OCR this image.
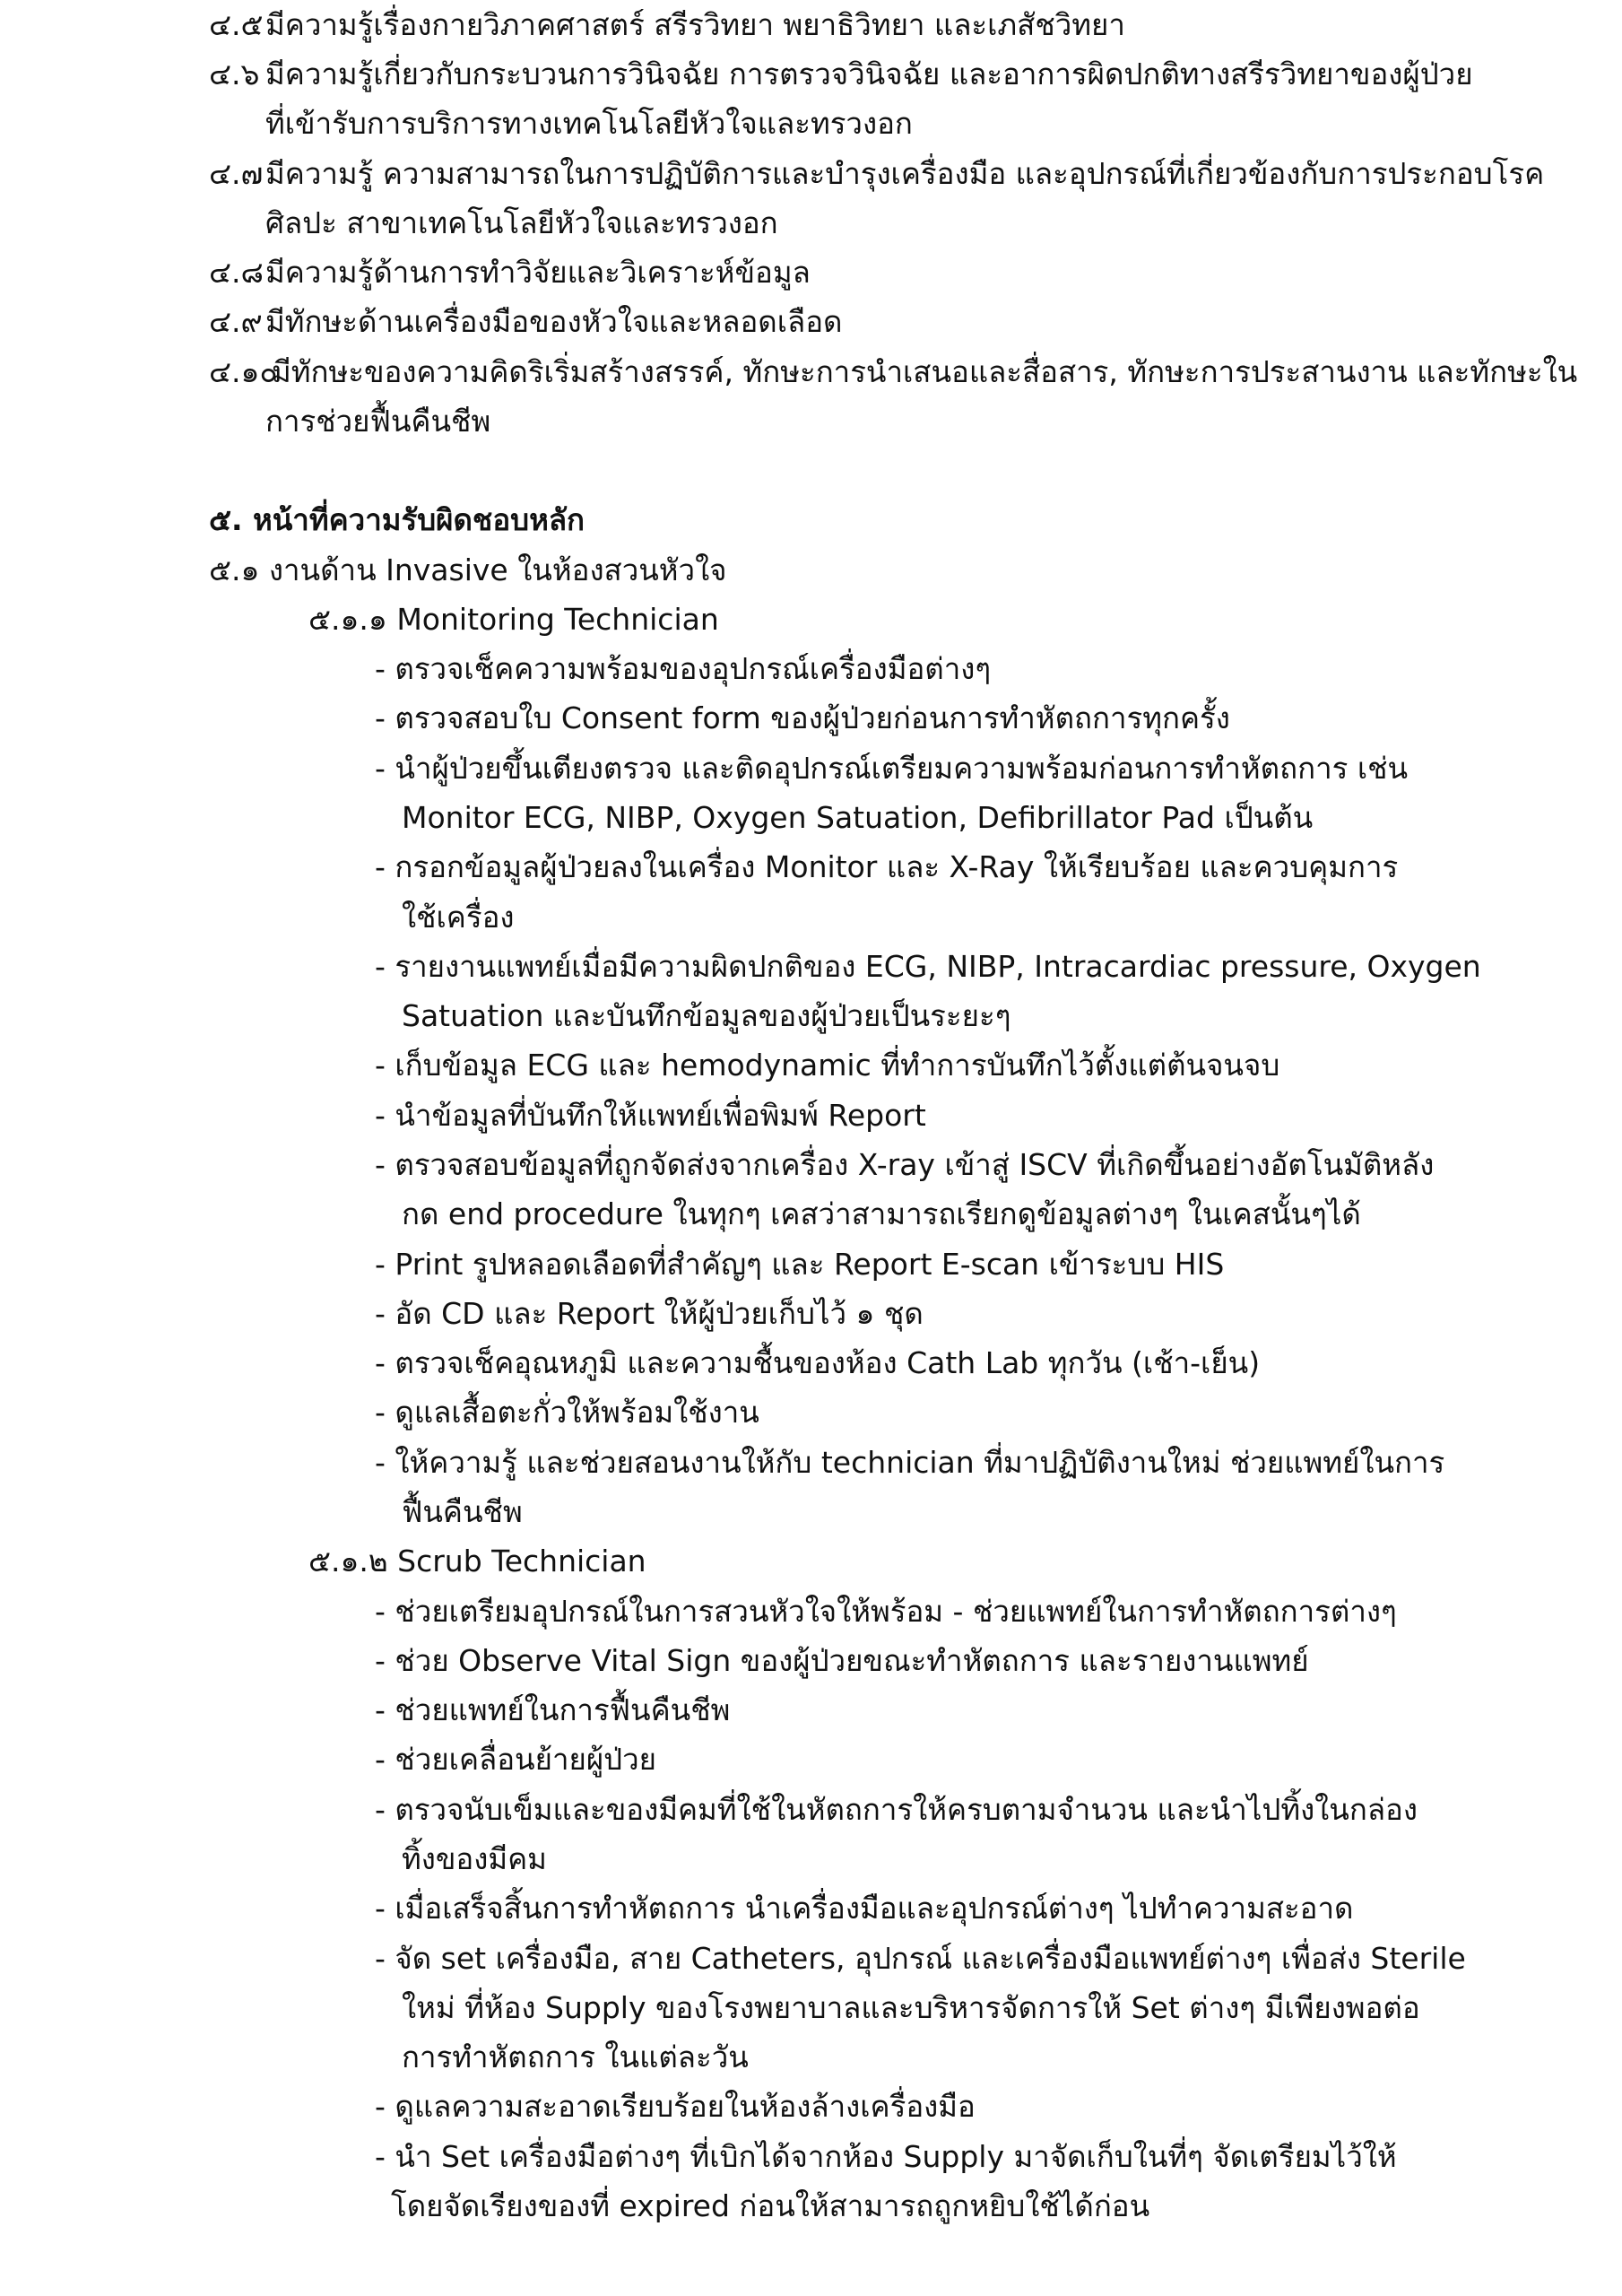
๔.๕ มีความรู้เรื่องกายวิภาคศาสตร์ สรีรวิทยา พยาธิวิทยา และเภสัชวิทยา
๔.๖ มีความรู้เกี่ยวกับกระบวนการวินิจฉัย การตรวจวินิจฉัย และอาการผิดปกติทางสรีรวิทยาของผู้ป่วย
ที่เข้ารับการบริการทางเทคโนโลยีหัวใจและทรวงอก
๔.๗ มีความรู้ ความสามารถในการปฏิบัติการและบำรุงเครื่องมือ และอุปกรณ์ที่เกี่ยวข้องกับการประกอบโรค
ศิลปะ สาขาเทคโนโลยีหัวใจและทรวงอก
๔.๘ มีความรู้ด้านการทำวิจัยและวิเคราะห์ข้อมูล
๔.๙ มีทักษะด้านเครื่องมือของหัวใจและหลอดเลือด
๔.๑๐
มีทักษะของความคิดริเริ่มสร้างสรรค์, ทักษะการนำเสนอและสื่อสาร, ทักษะการประสานงาน และทักษะใน
การช่วยฟื้นคืนชีพ
๕. หน้าที่ความรับผิดชอบหลัก
๕.๑ งานด้าน Invasive ในห้องสวนหัวใจ
๕.๑.๑ Monitoring Technician
- ตรวจเช็คความพร้อมของอุปกรณ์เครื่องมือต่างๆ
- ตรวจสอบใบ Consent form ของผู้ป่วยก่อนการทำหัตถการทุกครั้ง
- นำผู้ป่วยขึ้นเตียงตรวจ และติดอุปกรณ์เตรียมความพร้อมก่อนการทำหัตถการ เช่น
Monitor ECG, NIBP, Oxygen Satuation, Defibrillator Pad เป็นต้น
- กรอกข้อมูลผู้ป่วยลงในเครื่อง Monitor และ X-Ray ให้เรียบร้อย และควบคุมการ
ใช้เครื่อง
- รายงานแพทย์เมื่อมีความผิดปกติของ ECG, NIBP, Intracardiac pressure, Oxygen
Satuation และบันทึกข้อมูลของผู้ป่วยเป็นระยะๆ
- เก็บข้อมูล ECG และ hemodynamic ที่ทำการบันทึกไว้ตั้งแต่ต้นจนจบ
- นำข้อมูลที่บันทึกให้แพทย์เพื่อพิมพ์ Report
- ตรวจสอบข้อมูลที่ถูกจัดส่งจากเครื่อง X-ray เข้าสู่ ISCV ที่เกิดขึ้นอย่างอัตโนมัติหลัง
กด end procedure ในทุกๆ เคสว่าสามารถเรียกดูข้อมูลต่างๆ ในเคสนั้นๆได้
- Print รูปหลอดเลือดที่สำคัญๆ และ Report E-scan เข้าระบบ HIS
- อัด CD และ Report ให้ผู้ป่วยเก็บไว้ ๑ ชุด
- ตรวจเช็คอุณหภูมิ และความชื้นของห้อง Cath Lab ทุกวัน (เช้า-เย็น)
- ดูแลเสื้อตะกั่วให้พร้อมใช้งาน
- ให้ความรู้ และช่วยสอนงานให้กับ technician ที่มาปฏิบัติงานใหม่ ช่วยแพทย์ในการ
ฟื้นคืนชีพ
๕.๑.๒ Scrub Technician
- ช่วยเตรียมอุปกรณ์ในการสวนหัวใจให้พร้อม - ช่วยแพทย์ในการทำหัตถการต่างๆ
- ช่วย Observe Vital Sign ของผู้ป่วยขณะทำหัตถการ และรายงานแพทย์
- ช่วยแพทย์ในการฟื้นคืนชีพ
- ช่วยเคลื่อนย้ายผู้ป่วย
- ตรวจนับเข็มและของมีคมที่ใช้ในหัตถการให้ครบตามจำนวน และนำไปทิ้งในกล่อง
ทิ้งของมีคม
- เมื่อเสร็จสิ้นการทำหัตถการ นำเครื่องมือและอุปกรณ์ต่างๆ ไปทำความสะอาด
- จัด set เครื่องมือ, สาย Catheters, อุปกรณ์ และเครื่องมือแพทย์ต่างๆ เพื่อส่ง Sterile
ใหม่ ที่ห้อง Supply ของโรงพยาบาลและบริหารจัดการให้ Set ต่างๆ มีเพียงพอต่อ
การทำหัตถการ ในแต่ละวัน
- ดูแลความสะอาดเรียบร้อยในห้องล้างเครื่องมือ
- นำ Set เครื่องมือต่างๆ ที่เบิกได้จากห้อง Supply มาจัดเก็บในที่ๆ จัดเตรียมไว้ให้
โดยจัดเรียงของที่ expired ก่อนให้สามารถถูกหยิบใช้ได้ก่อน
